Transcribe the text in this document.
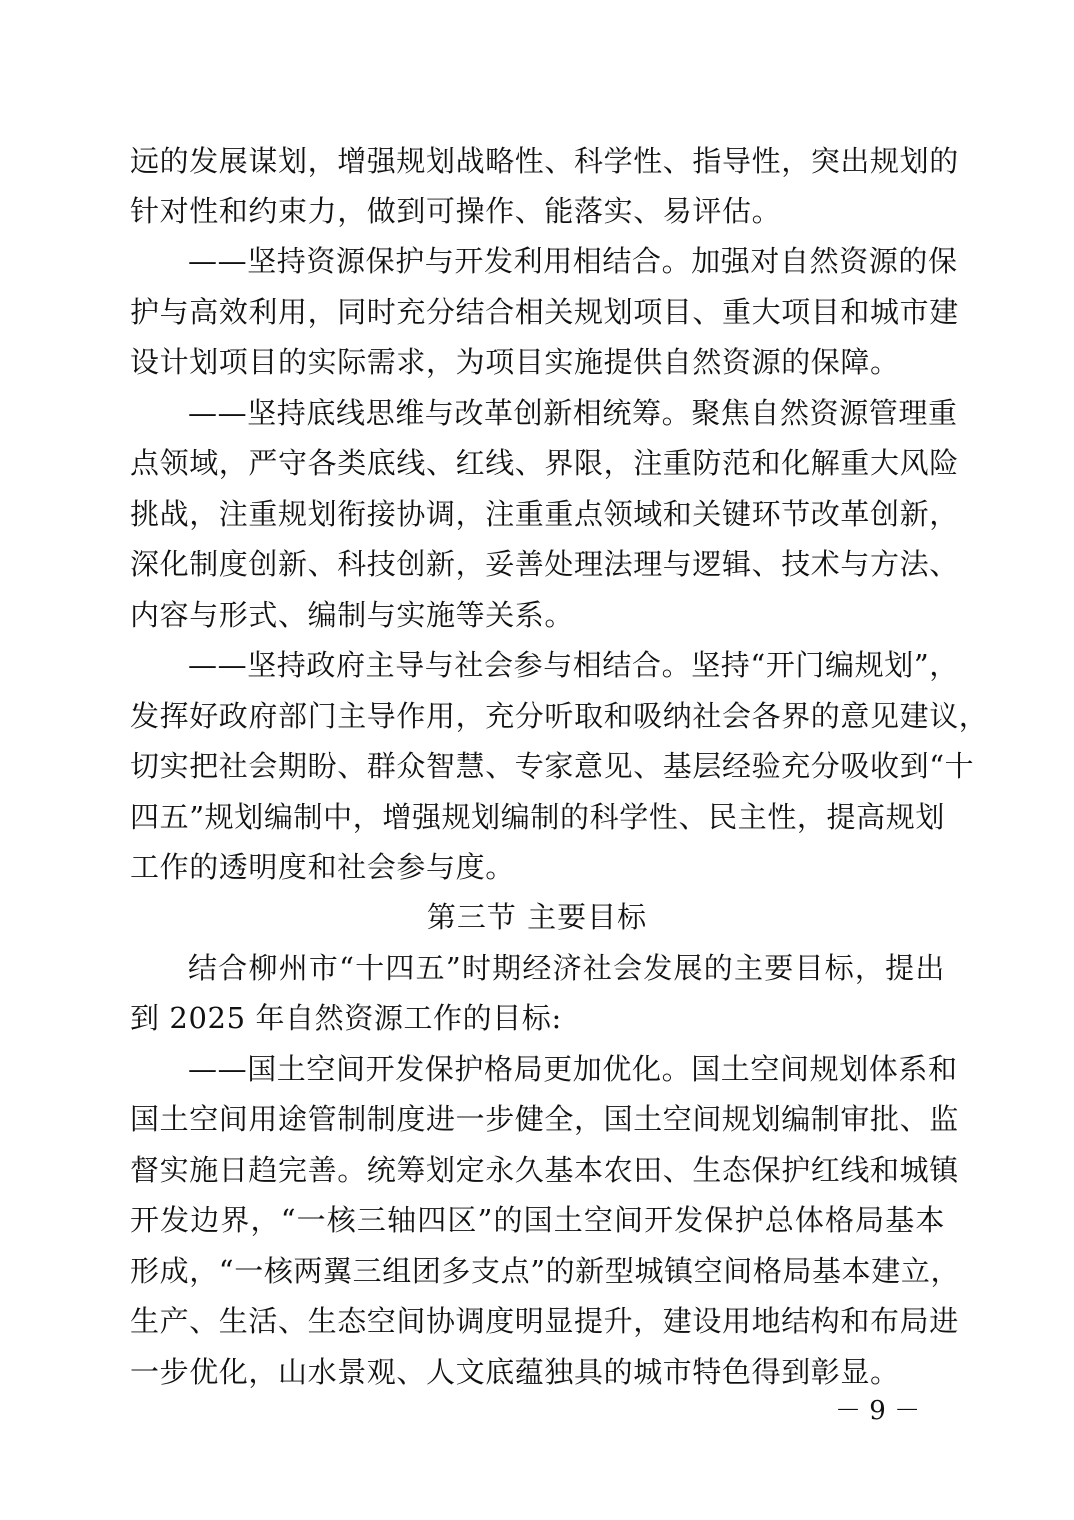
远的发展谋划，增强规划战略性、科学性、指导性，突出规划的
针对性和约束力，做到可操作、能落实、易评估。
——坚持资源保护与开发利用相结合。加强对自然资源的保
护与高效利用，同时充分结合相关规划项目、重大项目和城市建
设计划项目的实际需求，为项目实施提供自然资源的保障。
——坚持底线思维与改革创新相统筹。聚焦自然资源管理重
点领域，严守各类底线、红线、界限，注重防范和化解重大风险
挑战，注重规划衔接协调，注重重点领域和关键环节改革创新，
深化制度创新、科技创新，妥善处理法理与逻辑、技术与方法、
内容与形式、编制与实施等关系。
——坚持政府主导与社会参与相结合。坚持“开门编规划”，
发挥好政府部门主导作用，充分听取和吸纳社会各界的意见建议，
切实把社会期盼、群众智慧、专家意见、基层经验充分吸收到“十
四五”规划编制中，增强规划编制的科学性、民主性，提高规划
工作的透明度和社会参与度。
第三节 主要目标
结合柳州市“十四五”时期经济社会发展的主要目标，提出
到 2025 年自然资源工作的目标:
——国土空间开发保护格局更加优化。国土空间规划体系和
国土空间用途管制制度进一步健全，国土空间规划编制审批、监
督实施日趋完善。统筹划定永久基本农田、生态保护红线和城镇
开发边界，“一核三轴四区”的国土空间开发保护总体格局基本
形成，“一核两翼三组团多支点”的新型城镇空间格局基本建立，
生产、生活、生态空间协调度明显提升，建设用地结构和布局进
一步优化，山水景观、人文底蕴独具的城市特色得到彰显。
－ 9 －
